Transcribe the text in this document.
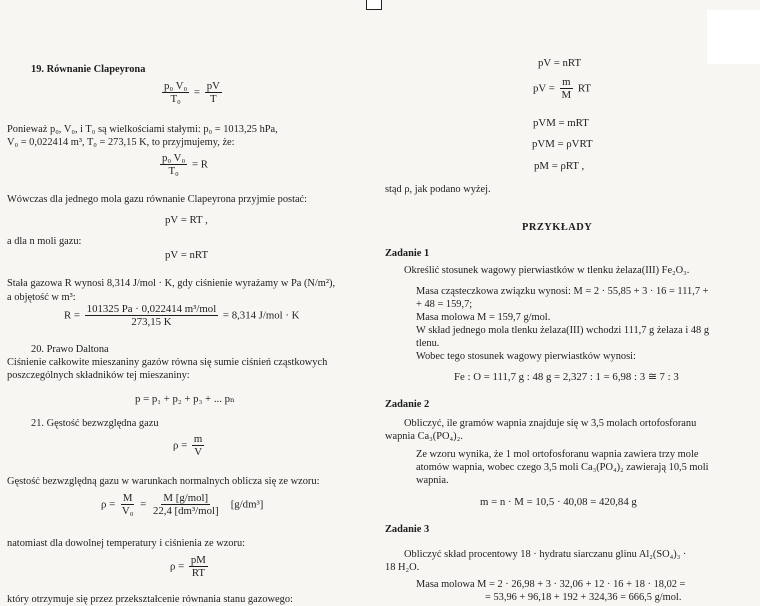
19. Równanie Clapeyrona
$\frac{\text{p₀ V₀}}{\text{T₀}} = \frac{pV}{T}$
Ponieważ p₀, V₀, i T₀ są wielkościami stałymi: p₀ = 1013,25 hPa,
V₀ = 0,022414 m³, T₀ = 273,15 K, to przyjmujemy, że:
$\frac{\text{p₀ V₀}}{\text{T₀}} = R$
Wówczas dla jednego mola gazu równanie Clapeyrona przyjmie postać:
pV = RT ,
a dla n moli gazu:
pV = nRT
Stała gazowa R wynosi 8,314 J/mol · K, gdy ciśnienie wyrażamy w Pa (N/m²),
a objętość w m³:
$R = \frac{\text{101325 Pa · 0,022414 m³/mol}}{273,15 K} = 8,314$ J/mol · K
20. Prawo Daltona
Ciśnienie całkowite mieszaniny gazów równa się sumie ciśnień cząstkowych
poszczególnych składników tej mieszaniny:
p = p₁ + p₂ + p₃ + ... pₙ
21. Gęstość bezwzględna gazu
$\rho = \frac{m}{V}$
Gęstość bezwzględną gazu w warunkach normalnych oblicza się ze wzoru:
$\rho = \frac{M}{\text{V₀}} = \frac{\text{M [g/mol]}}{\text{22,4 [dm³/mol]}} [g/dm^3]$
natomiast dla dowolnej temperatury i ciśnienia ze wzoru:
$\rho = \frac{pM}{RT}$
który otrzymuje się przez przekształcenie równania stanu gazowego:
pV = nRT
pV = $\frac{m}{M}$ RT
pVM = mRT
pVM = ρVRT
pM = ρRT ,
stąd ρ, jak podano wyżej.
PRZYKŁADY
Zadanie 1
Określić stosunek wagowy pierwiastków w tlenku żelaza(III) Fe₂O₃.
Masa cząsteczkowa związku wynosi: M = 2 · 55,85 + 3 · 16 = 111,7 +
+ 48 = 159,7;
Masa molowa M = 159,7 g/mol.
W skład jednego mola tlenku żelaza(III) wchodzi 111,7 g żelaza i 48 g
tlenu.
Wobec tego stosunek wagowy pierwiastków wynosi:
Fe : O = 111,7 g : 48 g = 2,327 : 1 = 6,98 : 3 ≅ 7 : 3
Zadanie 2
Obliczyć, ile gramów wapnia znajduje się w 3,5 molach ortofosforanu
wapnia Ca₃(PO₄)₂.
Ze wzoru wynika, że 1 mol ortofosforanu wapnia zawiera trzy mole
atomów wapnia, wobec czego 3,5 moli Ca₃(PO₄)₂ zawierają 10,5 moli
wapnia.
m = n · M = 10,5 · 40,08 = 420,84 g
Zadanie 3
Obliczyć skład procentowy 18 · hydratu siarczanu glinu Al₂(SO₄)₃ ·
18 H₂O.
Masa molowa M = 2 · 26,98 + 3 · 32,06 + 12 · 16 + 18 · 18,02 =
= 53,96 + 96,18 + 192 + 324,36 = 666,5 g/mol.
